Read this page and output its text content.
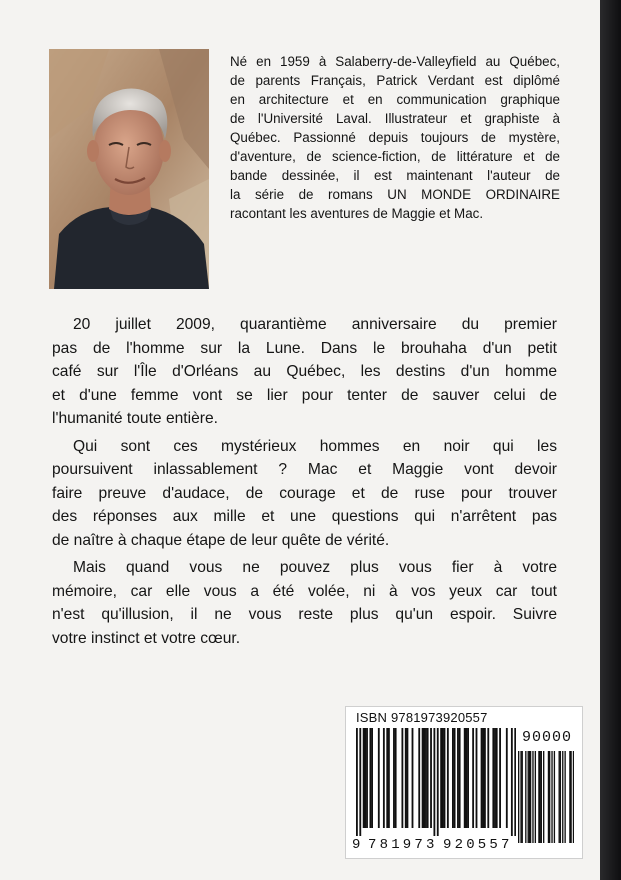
Né en 1959 à Salaberry-de-Valleyfield au Québec,
de parents Français, Patrick Verdant est diplômé
en architecture et en communication graphique
de l'Université Laval. Illustrateur et graphiste à
Québec. Passionné depuis toujours de mystère,
d'aventure, de science-fiction, de littérature et de
bande dessinée, il est maintenant l'auteur de
la série de romans UN MONDE ORDINAIRE
racontant les aventures de Maggie et Mac.
20 juillet 2009, quarantième anniversaire du premier
pas de l'homme sur la Lune. Dans le brouhaha d'un petit
café sur l'Île d'Orléans au Québec, les destins d'un homme
et d'une femme vont se lier pour tenter de sauver celui de
l'humanité toute entière.
Qui sont ces mystérieux hommes en noir qui les
poursuivent inlassablement ? Mac et Maggie vont devoir
faire preuve d'audace, de courage et de ruse pour trouver
des réponses aux mille et une questions qui n'arrêtent pas
de naître à chaque étape de leur quête de vérité.
Mais quand vous ne pouvez plus vous fier à votre
mémoire, car elle vous a été volée, ni à vos yeux car tout
n'est qu'illusion, il ne vous reste plus qu'un espoir. Suivre
votre instinct et votre cœur.
ISBN 9781973920557
9 781973 920557
90000
